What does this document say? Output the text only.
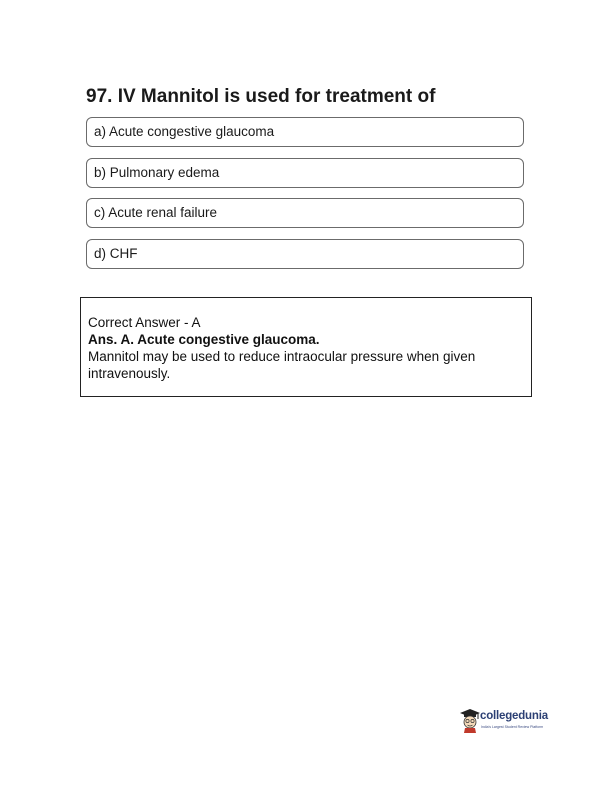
97. IV Mannitol is used for treatment of
a) Acute congestive glaucoma
b) Pulmonary edema
c) Acute renal failure
d) CHF
Correct Answer - A
Ans. A. Acute congestive glaucoma.
Mannitol may be used to reduce intraocular pressure when given intravenously.
collegedunia
India's Largest Student Review Platform
